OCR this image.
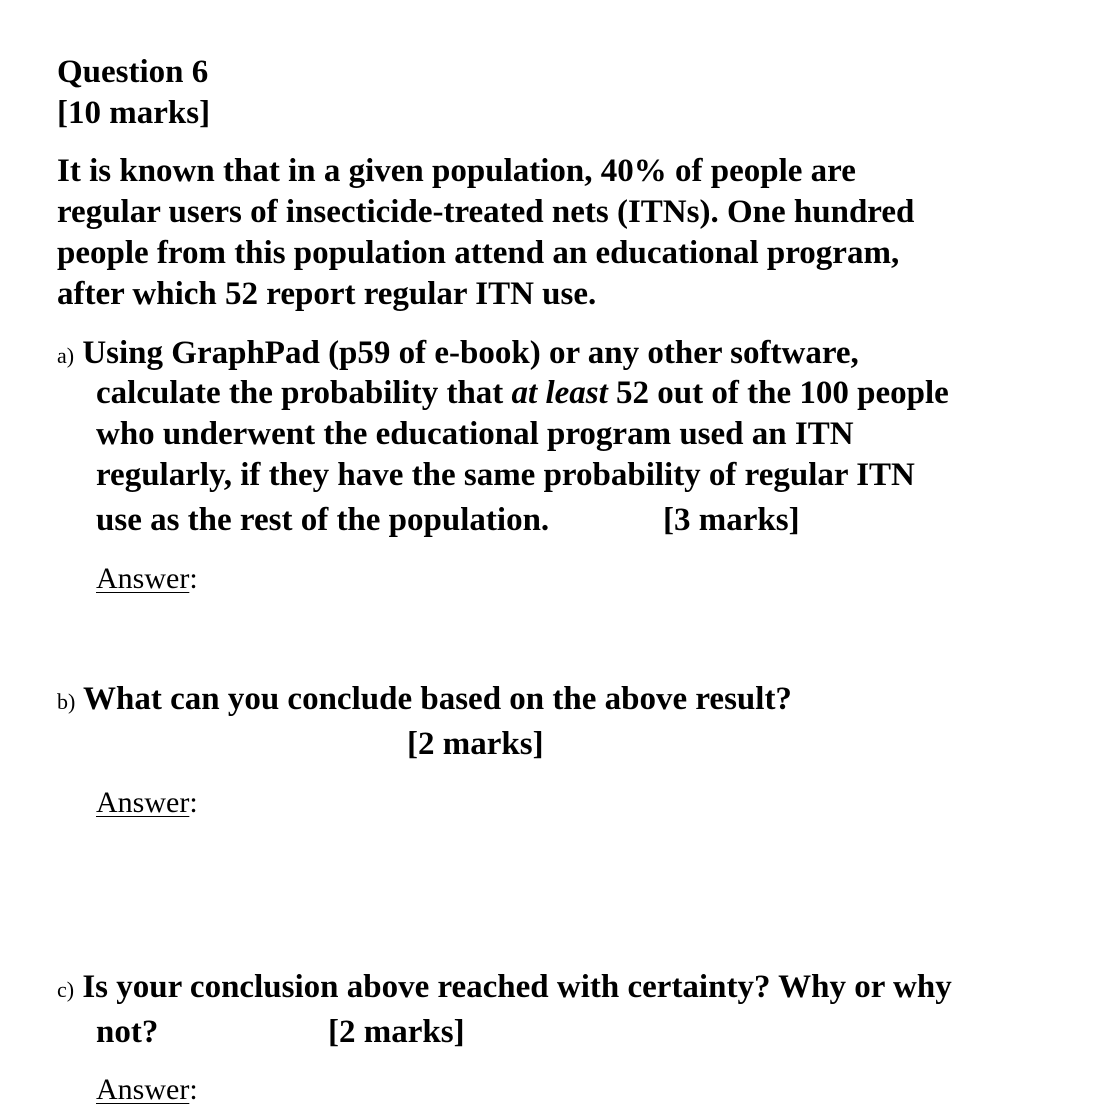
Question 6
[10 marks]
It is known that in a given population, 40% of people are
regular users of insecticide-treated nets (ITNs). One hundred
people from this population attend an educational program,
after which 52 report regular ITN use.
a) Using GraphPad (p59 of e-book) or any other software,
calculate the probability that at least 52 out of the 100 people
who underwent the educational program used an ITN
regularly, if they have the same probability of regular ITN
use as the rest of the population.	[3 marks]
Answer:
b) What can you conclude based on the above result?
[2 marks]
Answer:
c) Is your conclusion above reached with certainty? Why or why
not?	[2 marks]
Answer:
